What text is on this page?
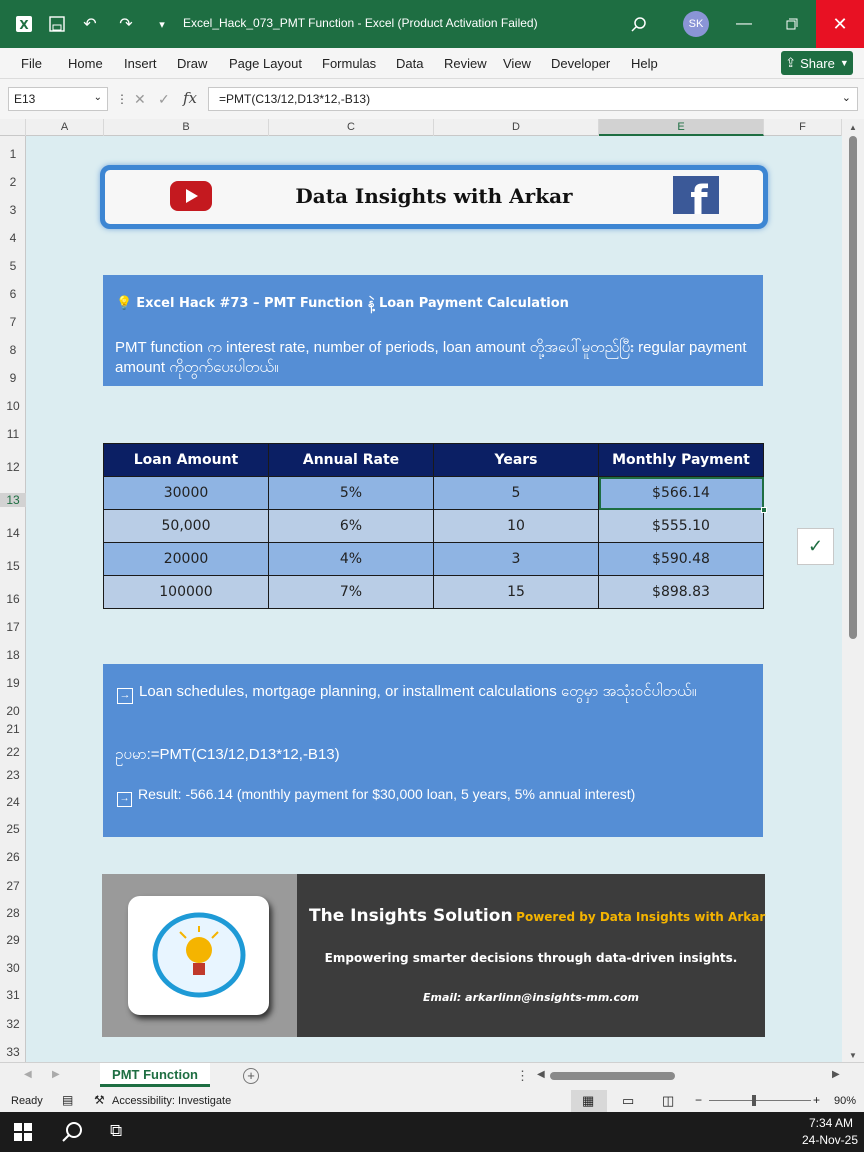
X	↶	↷	▾	Excel_Hack_073_PMT Function - Excel (Product Activation Failed)	SK	—	✕
File Home Insert Draw Page Layout Formulas Data Review View Developer Help	⇪ Share ▼
E13	⌄ ⋮ ✕ ✓ fx	=PMT(C13/12,D13*12,-B13)	⌄
A	B	C	D	E	F
1
2
3
4
5
6
7
8
9
10
11
12
13
14
15
16
17
18
19
20
21
22
23
24
25
26
27
28
29
30
31
32
33
Data Insights with Arkar	f
💡 Excel Hack #73 – PMT Function နဲ့ Loan Payment Calculation
PMT function က interest rate, number of periods, loan amount တို့အပေါ်မူတည်ပြီး regular payment amount ကိုတွက်ပေးပါတယ်။
Loan Amount	Annual Rate	Years	Monthly Payment
30000	5%	5	$566.14
50,000	6%	10	$555.10
20000	4%	3	$590.48
100000	7%	15	$898.83
✓
→ Loan schedules, mortgage planning, or installment calculations တွေမှာ အသုံးဝင်ပါတယ်။
ဥပမာ:=PMT(C13/12,D13*12,-B13)
→ Result: -566.14 (monthly payment for $30,000 loan, 5 years, 5% annual interest)
The Insights Solution Powered by Data Insights with Arkar
Empowering smarter decisions through data-driven insights.
Email: arkarlinn@insights-mm.com
▲
▼
◀ ▶	PMT Function	+	⋮ ◀	▶
Ready ▤ ⚒ Accessibility: Investigate	▦ ▭ ◫ −	+ 90%
⧉	7:34 AM
24-Nov-25
